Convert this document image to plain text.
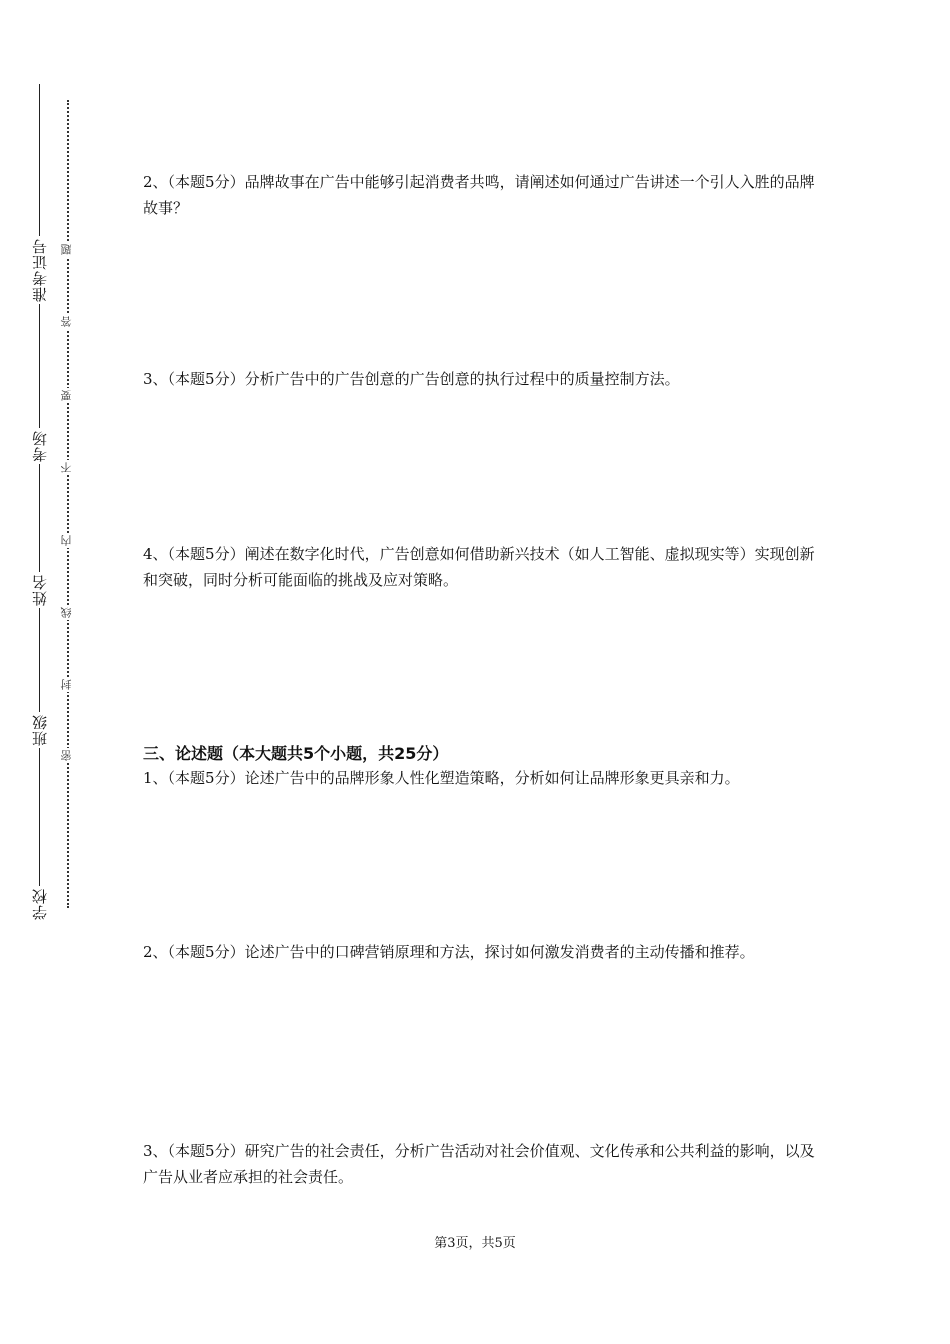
准考证号
考场
姓名
班级
学校
题
答
要
不
内
线
封
密

2、（本题5分）品牌故事在广告中能够引起消费者共鸣，请阐述如何通过广告讲述一个引人入胜的品牌故事？

3、（本题5分）分析广告中的广告创意的广告创意的执行过程中的质量控制方法。

4、（本题5分）阐述在数字化时代，广告创意如何借助新兴技术（如人工智能、虚拟现实等）实现创新和突破，同时分析可能面临的挑战及应对策略。

三、论述题（本大题共5个小题，共25分）

1、（本题5分）论述广告中的品牌形象人性化塑造策略，分析如何让品牌形象更具亲和力。

2、（本题5分）论述广告中的口碑营销原理和方法，探讨如何激发消费者的主动传播和推荐。

3、（本题5分）研究广告的社会责任，分析广告活动对社会价值观、文化传承和公共利益的影响，以及广告从业者应承担的社会责任。

第3页，共5页
